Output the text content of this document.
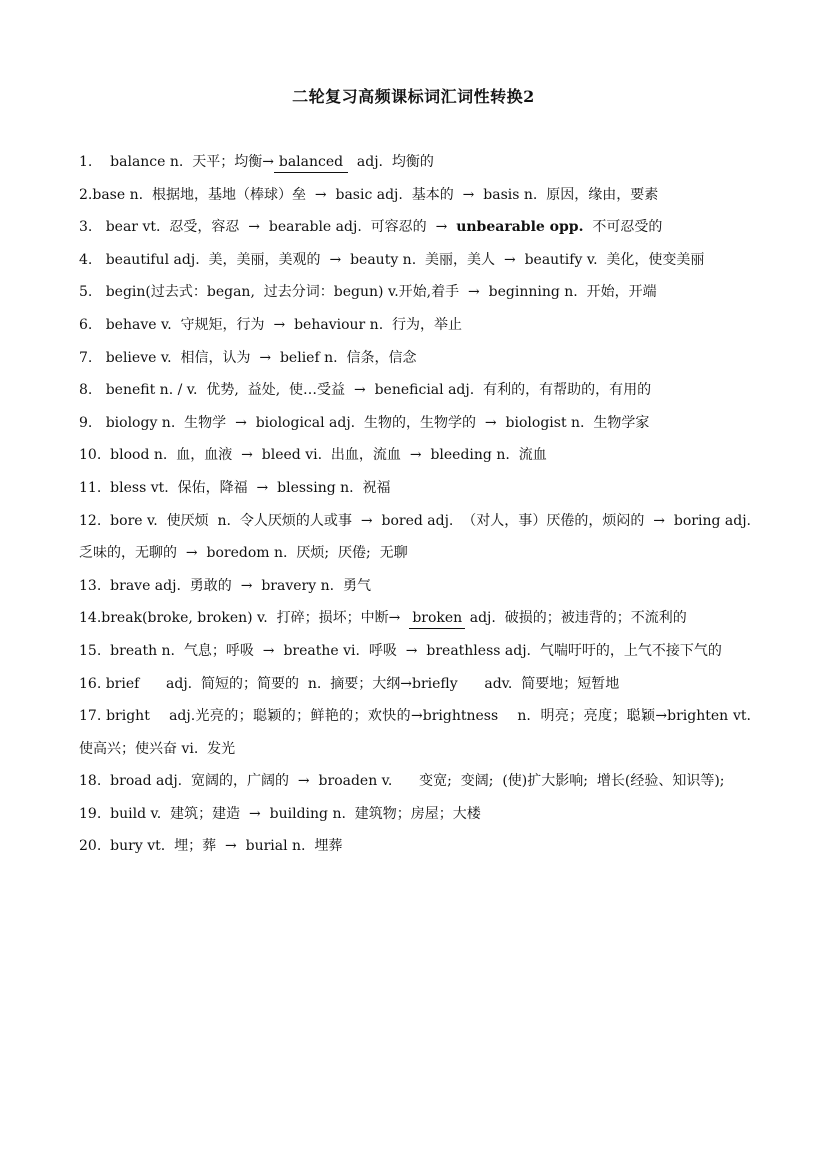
二轮复习高频课标词汇词性转换2
1.    balance n.  天平；均衡→ balanced  adj.  均衡的
2.base n.  根据地，基地（棒球）垒  →  basic adj.  基本的  →  basis n.  原因，缘由，要素
3.   bear vt.  忍受，容忍  →  bearable adj.  可容忍的  →  unbearable opp.  不可忍受的
4.   beautiful adj.  美，美丽，美观的  →  beauty n.  美丽，美人  →  beautify v.  美化，使变美丽
5.   begin(过去式：began,  过去分词：begun) v.开始,着手  →  beginning n.  开始，开端
6.   behave v.  守规矩，行为  →  behaviour n.  行为，举止
7.   believe v.  相信，认为  →  belief n.  信条，信念
8.   benefit n. / v.  优势,  益处,  使…受益  →  beneficial adj.  有利的，有帮助的，有用的
9.   biology n.  生物学  →  biological adj.  生物的，生物学的  →  biologist n.  生物学家
10.  blood n.  血，血液  →  bleed vi.  出血，流血  →  bleeding n.  流血
11.  bless vt.  保佑，降福  →  blessing n.  祝福
12.  bore v.  使厌烦  n.  令人厌烦的人或事  →  bored adj.  （对人，事）厌倦的，烦闷的  →  boring adj.  乏味的，无聊的  →  boredom n.  厌烦;  厌倦;  无聊
13.  brave adj.  勇敢的  →  bravery n.  勇气
14.break(broke, broken) v.  打碎；损坏；中断→  broken adj.  破损的；被违背的；不流利的
15.  breath n.  气息；呼吸  →  breathe vi.  呼吸  →  breathless adj.  气喘吁吁的，上气不接下气的
16. brief      adj.  简短的；简要的  n.  摘要；大纲→briefly      adv.  简要地；短暂地
17. bright    adj.光亮的；聪颖的；鲜艳的；欢快的→brightness    n.  明亮；亮度；聪颖→brighten vt.  使高兴；使兴奋 vi.  发光
18.  broad adj.  宽阔的，广阔的  →  broaden v.      变宽;  变阔;  (使)扩大影响;  增长(经验、知识等);
19.  build v.  建筑；建造  →  building n.  建筑物；房屋；大楼
20.  bury vt.  埋；葬  →  burial n.  埋葬
